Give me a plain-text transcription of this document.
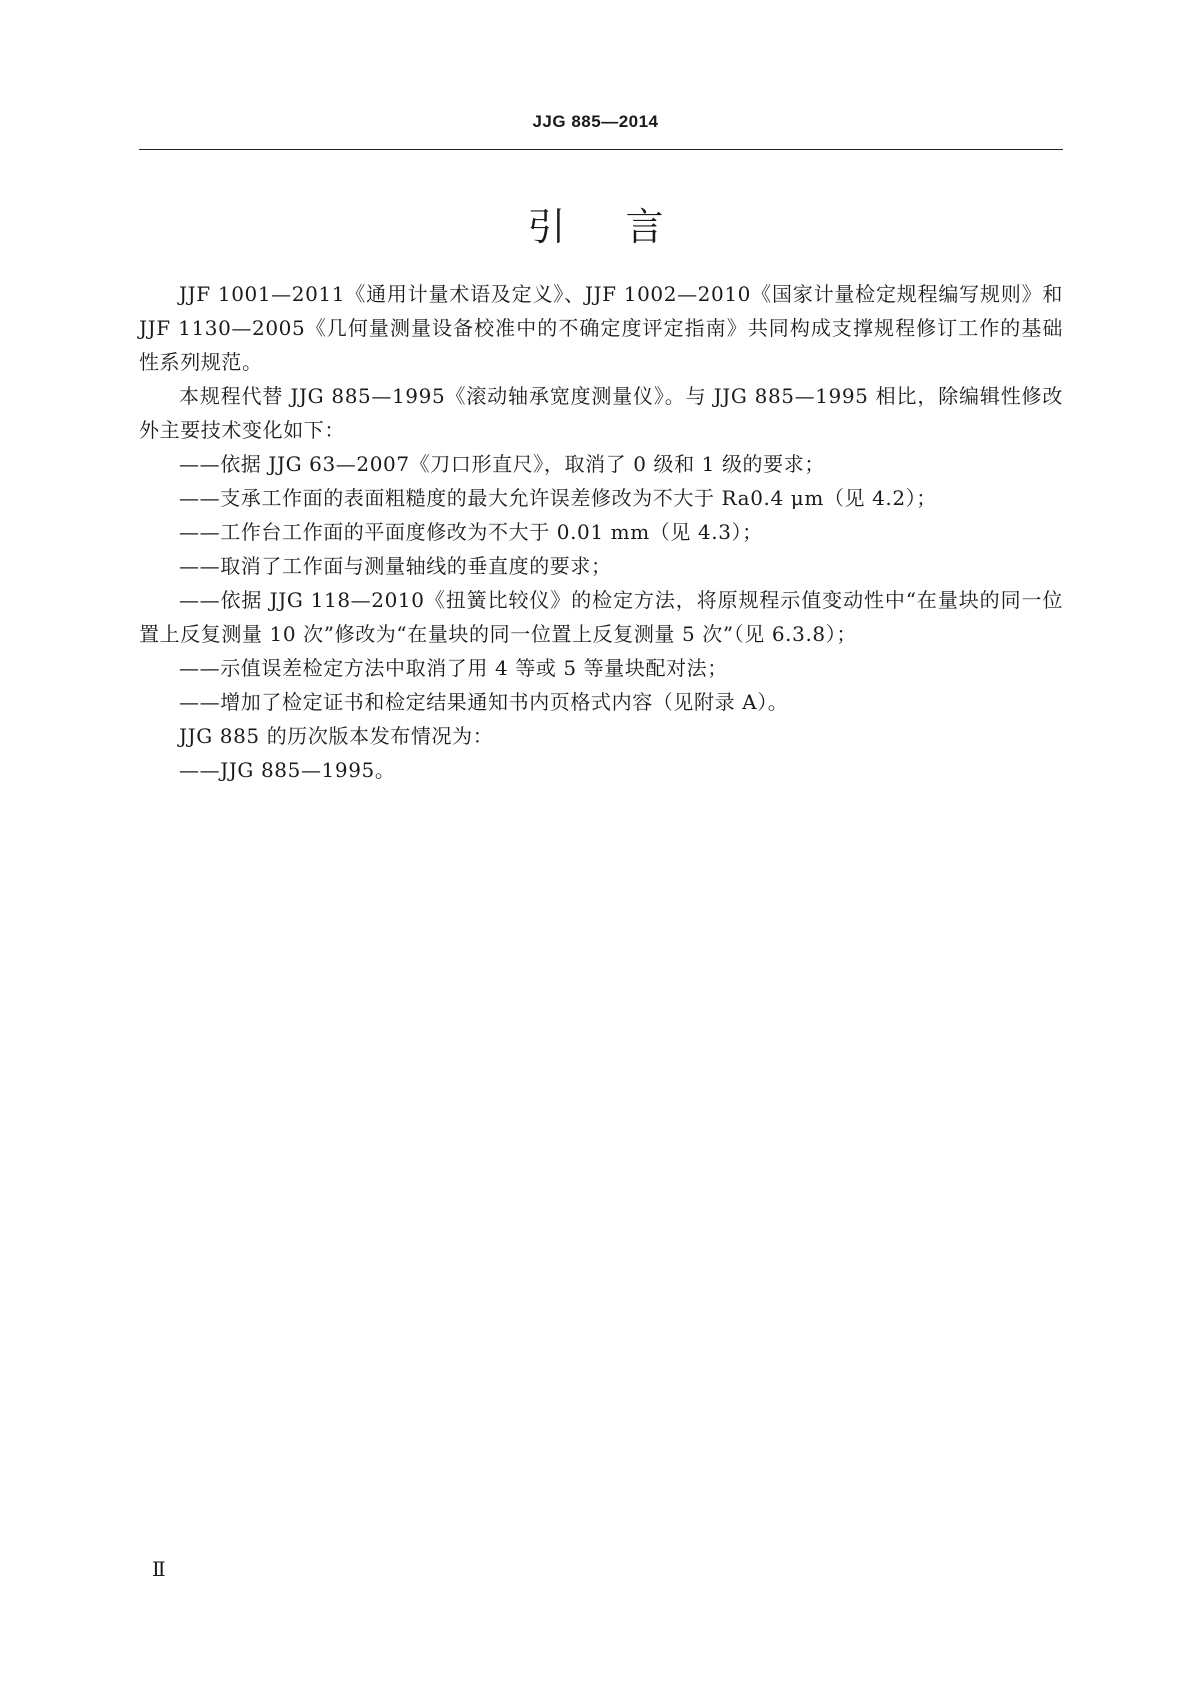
JJG 885—2014
引言

JJF 1001—2011《通用计量术语及定义》、JJF 1002—2010《国家计量检定规程编写规则》和 JJF 1130—2005《几何量测量设备校准中的不确定度评定指南》共同构成支撑规程修订工作的基础性系列规范。

本规程代替 JJG 885—1995《滚动轴承宽度测量仪》。与 JJG 885—1995 相比，除编辑性修改外主要技术变化如下：

——依据 JJG 63—2007《刀口形直尺》，取消了 0 级和 1 级的要求；

——支承工作面的表面粗糙度的最大允许误差修改为不大于 Ra0.4 μm（见 4.2）；

——工作台工作面的平面度修改为不大于 0.01 mm（见 4.3）；

——取消了工作面与测量轴线的垂直度的要求；

——依据 JJG 118—2010《扭簧比较仪》的检定方法，将原规程示值变动性中“在量块的同一位置上反复测量 10 次”修改为“在量块的同一位置上反复测量 5 次”（见 6.3.8）；

——示值误差检定方法中取消了用 4 等或 5 等量块配对法；

——增加了检定证书和检定结果通知书内页格式内容（见附录 A）。

JJG 885 的历次版本发布情况为：

——JJG 885—1995。

Ⅱ
